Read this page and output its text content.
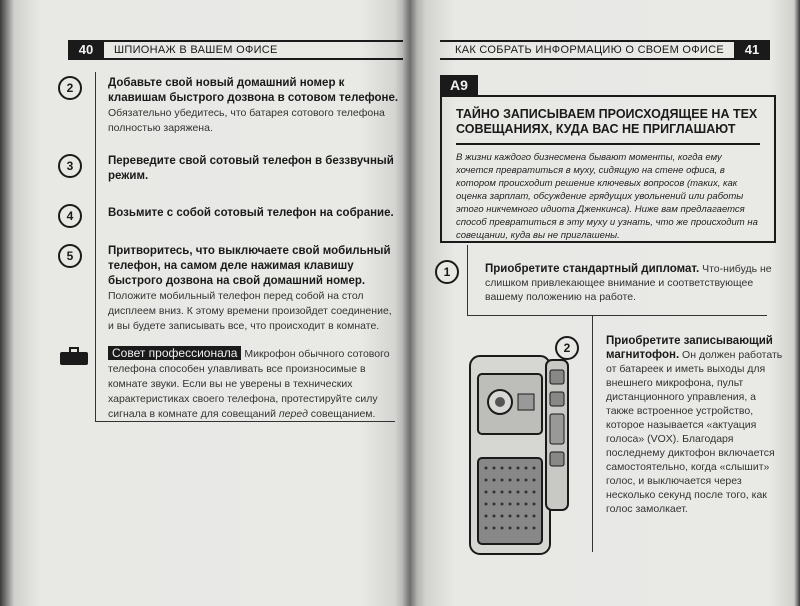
40	ШПИОНАЖ В ВАШЕМ ОФИСЕ
2	Добавьте свой новый домашний номер к клавишам быстрого дозвона в сотовом телефоне. Обязательно убедитесь, что батарея сотового телефона полностью заряжена.
3	Переведите свой сотовый телефон в беззвучный режим.
4	Возьмите с собой сотовый телефон на собрание.
5	Притворитесь, что выключаете свой мобильный телефон, на самом деле нажимая клавишу быстрого дозвона на свой домашний номер. Положите мобильный телефон перед собой на стол дисплеем вниз. К этому времени произойдет соединение, и вы будете записывать все, что происходит в комнате.
Совет профессионала Микрофон обычного сотового телефона способен улавливать все произносимые в комнате звуки. Если вы не уверены в технических характеристиках своего телефона, протестируйте силу сигнала в комнате для совещаний перед совещанием.
КАК СОБРАТЬ ИНФОРМАЦИЮ О СВОЕМ ОФИСЕ	41
A9
ТАЙНО ЗАПИСЫВАЕМ ПРОИСХОДЯЩЕЕ НА ТЕХ СОВЕЩАНИЯХ, КУДА ВАС НЕ ПРИГЛАШАЮТ
В жизни каждого бизнесмена бывают моменты, когда ему хочется превратиться в муху, сидящую на стене офиса, в котором происходит решение ключевых вопросов (таких, как оценка зарплат, обсуждение грядущих увольнений или работы этого никчемного идиота Дженкинса). Ниже вам предлагается способ превратиться в эту муху и узнать, что же происходит на совещании, куда вы не приглашены.
1	Приобретите стандартный дипломат. Что-нибудь не слишком привлекающее внимание и соответствующее вашему положению на работе.
2	Приобретите записывающий магнитофон. Он должен работать от батареек и иметь выходы для внешнего микрофона, пульт дистанционного управления, а также встроенное устройство, которое называется «актуация голоса» (VOX). Благодаря последнему диктофон включается самостоятельно, когда «слышит» голос, и выключается через несколько секунд после того, как голос замолкает.
